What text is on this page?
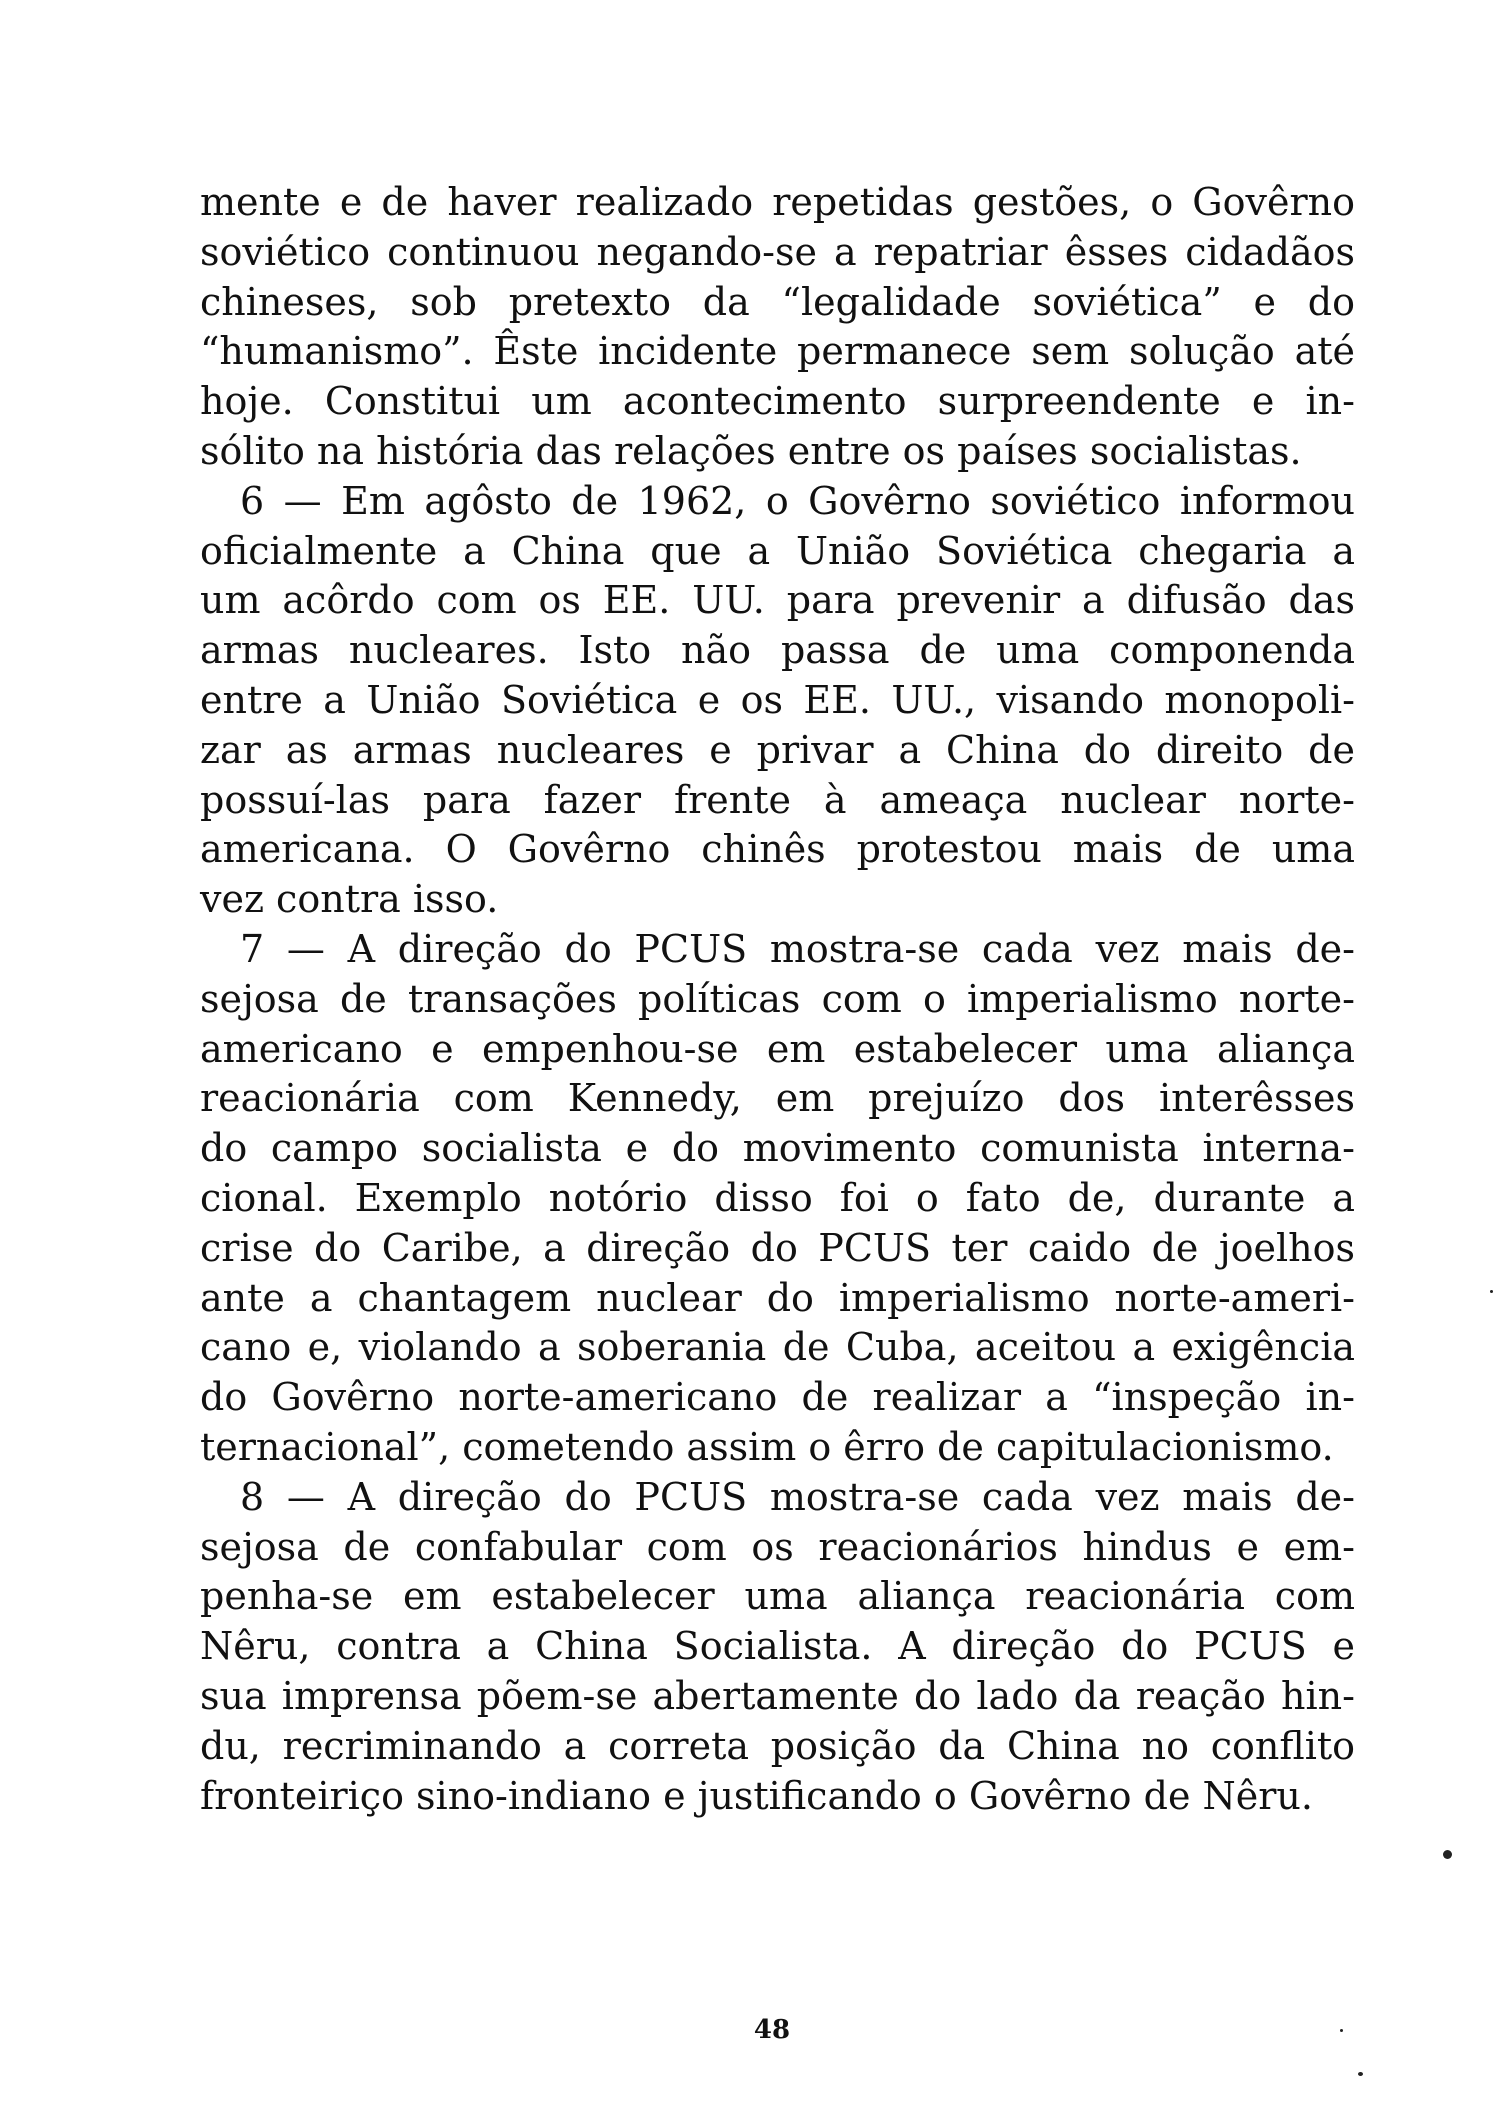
mente e de haver realizado repetidas gestões, o Govêrno
soviético continuou negando-se a repatriar êsses cidadãos
chineses, sob pretexto da “legalidade soviética” e do
“humanismo”. Êste incidente permanece sem solução até
hoje. Constitui um acontecimento surpreendente e in-
sólito na história das relações entre os países socialistas.
6 — Em agôsto de 1962, o Govêrno soviético informou
oficialmente a China que a União Soviética chegaria a
um acôrdo com os EE. UU. para prevenir a difusão das
armas nucleares. Isto não passa de uma componenda
entre a União Soviética e os EE. UU., visando monopoli-
zar as armas nucleares e privar a China do direito de
possuí-las para fazer frente à ameaça nuclear norte-
americana. O Govêrno chinês protestou mais de uma
vez contra isso.
7 — A direção do PCUS mostra-se cada vez mais de-
sejosa de transações políticas com o imperialismo norte-
americano e empenhou-se em estabelecer uma aliança
reacionária com Kennedy, em prejuízo dos interêsses
do campo socialista e do movimento comunista interna-
cional. Exemplo notório disso foi o fato de, durante a
crise do Caribe, a direção do PCUS ter caido de joelhos
ante a chantagem nuclear do imperialismo norte-ameri-
cano e, violando a soberania de Cuba, aceitou a exigência
do Govêrno norte-americano de realizar a “inspeção in-
ternacional”, cometendo assim o êrro de capitulacionismo.
8 — A direção do PCUS mostra-se cada vez mais de-
sejosa de confabular com os reacionários hindus e em-
penha-se em estabelecer uma aliança reacionária com
Nêru, contra a China Socialista. A direção do PCUS e
sua imprensa põem-se abertamente do lado da reação hin-
du, recriminando a correta posição da China no conflito
fronteiriço sino-indiano e justificando o Govêrno de Nêru.
48
